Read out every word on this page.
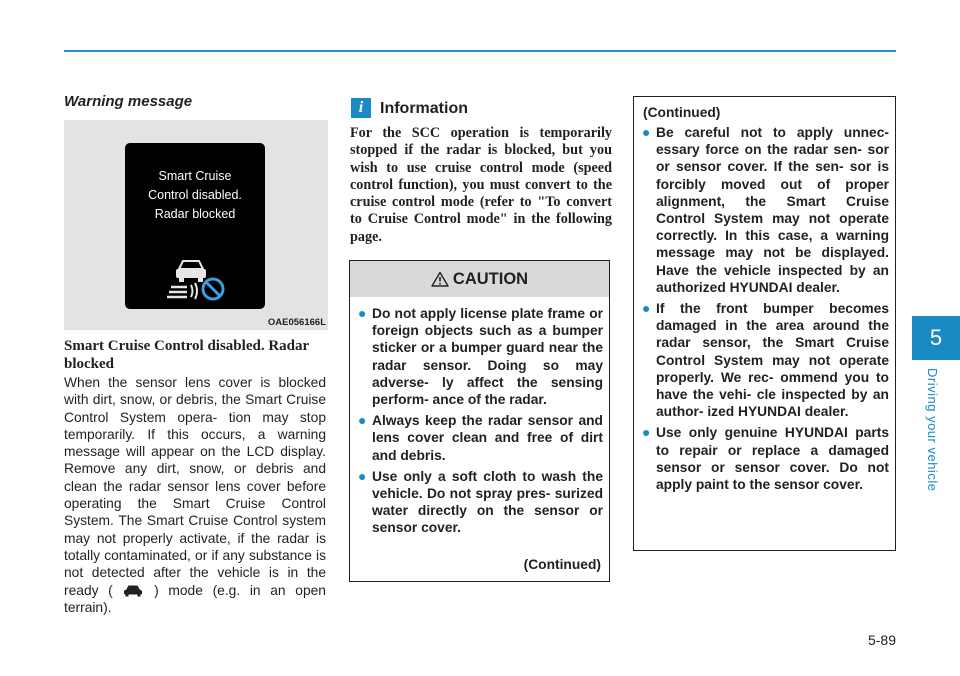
5
Driving your vehicle
Warning message
Smart Cruise
Control disabled.
Radar blocked
OAE056166L
Smart Cruise Control disabled. Radar blocked

When the sensor lens cover is blocked with dirt, snow, or debris, the Smart Cruise Control System opera- tion may stop temporarily. If this occurs, a warning message will appear on the LCD display. Remove any dirt, snow, or debris and clean the radar sensor lens cover before operating the Smart Cruise Control System. The Smart Cruise Control system may not properly activate, if the radar is totally contaminated, or if any substance is not detected after the vehicle is in the ready (	) mode (e.g. in an open terrain).

i	Information

For the SCC operation is temporarily stopped if the radar is blocked, but you wish to use cruise control mode (speed control function), you must convert to the cruise control mode (refer to "To convert to Cruise Control mode" in the following page.

CAUTION
● Do not apply license plate frame or foreign objects such as a bumper sticker or a bumper guard near the radar sensor. Doing so may adverse- ly affect the sensing perform- ance of the radar.
● Always keep the radar sensor and lens cover clean and free of dirt and debris.
● Use only a soft cloth to wash the vehicle. Do not spray pres- surized water directly on the sensor or sensor cover.
(Continued)
(Continued)
● Be careful not to apply unnec- essary force on the radar sen- sor or sensor cover. If the sen- sor is forcibly moved out of proper alignment, the Smart Cruise Control System may not operate correctly. In this case, a warning message may not be displayed. Have the vehicle inspected by an authorized HYUNDAI dealer.
● If the front bumper becomes damaged in the area around the radar sensor, the Smart Cruise Control System may not operate properly. We rec- ommend you to have the vehi- cle inspected by an author- ized HYUNDAI dealer.
● Use only genuine HYUNDAI parts to repair or replace a damaged sensor or sensor cover. Do not apply paint to the sensor cover.
5-89
